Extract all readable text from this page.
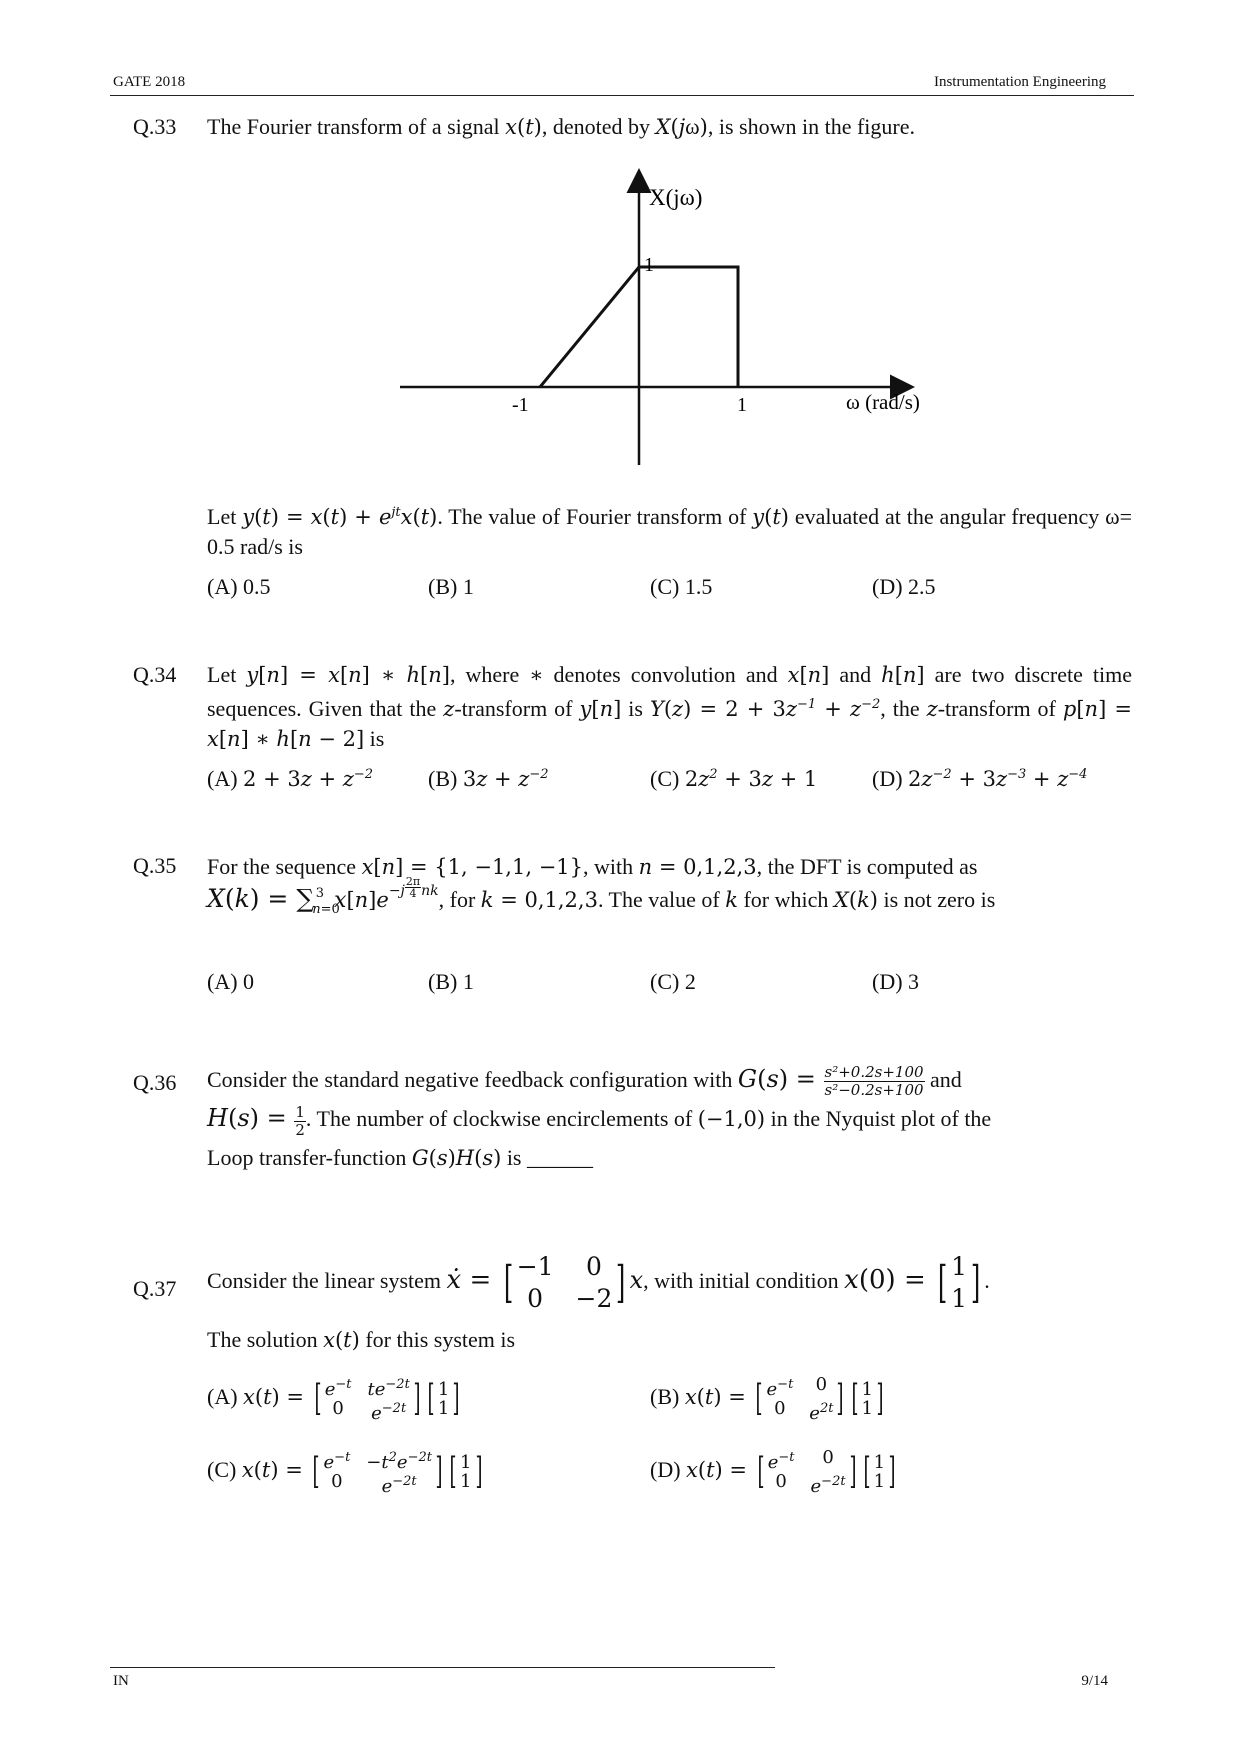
GATE 2018	Instrumentation Engineering
Q.33 The Fourier transform of a signal x(t), denoted by X(jω), is shown in the figure.
X(jω)
1
-1	1	ω (rad/s)
Let $y(t) = x(t) + e^{jt}x(t)$. The value of Fourier transform of y(t) evaluated at the angular frequency ω= 0.5 rad/s is
(A) 0.5	(B) 1	(C) 1.5	(D) 2.5
Q.34 Let y[n] = x[n] ∗ h[n], where ∗ denotes convolution and x[n] and h[n] are two discrete time sequences. Given that the z-transform of y[n] is $Y(z) = 2 + 3z^{-1} + z^{-2}$, the z-transform of p[n] = x[n] ∗ h[n − 2] is
(A) $2 + 3z + z^{-2}$	(B) $3z + z^{-2}$	(C) $2z^2 + 3z + 1$ (D) $2z^{-2} + 3z^{-3} + z^{-4}$
Q.35 For the sequence x[n] = {1, −1,1, −1}, with n = 0,1,2,3, the DFT is computed as
$X(k) = \sum_{n=0}^3$ $x[n]e^{-j} \frac{2\pi}{4} ^{nk}$, for k = 0,1,2,3. The value of k for which X(k) is not zero is
(A) 0	(B) 1	(C) 2	(D) 3
Q.36 Consider the standard negative feedback configuration with $G(s) = \frac{\text{s²+0.2s+100}}{\text{s²−0.2s+100}}$ and
$H(s) = \frac{1}{2}$ . The number of clockwise encirclements of (−1,0) in the Nyquist plot of the
Loop transfer-function G(s)H(s) is ______
Q.37 Consider the linear system ẋ = [ −1	0
0	−2 ] x, with initial condition x(0) = [ 1
1 ] .
The solution x(t) for this system is
(A) x(t) = [ $e^{-t}$ $te^{-2t}$
0	$e^{-2t}$ ] [ 1
1 ]	(B) x(t) = [ $e^{-t}$	0
0	$e^{2t}$ ] [ 1
1 ]
(C) x(t) = [ $e^{-t} -t^2e^{-2t}$
0	$e^{-2t}$ ] [ 1
1 ]	(D) x(t) = [ $e^{-t}$	0
0	$e^{-2t}$ ] [ 1
1 ]
IN	9/14
